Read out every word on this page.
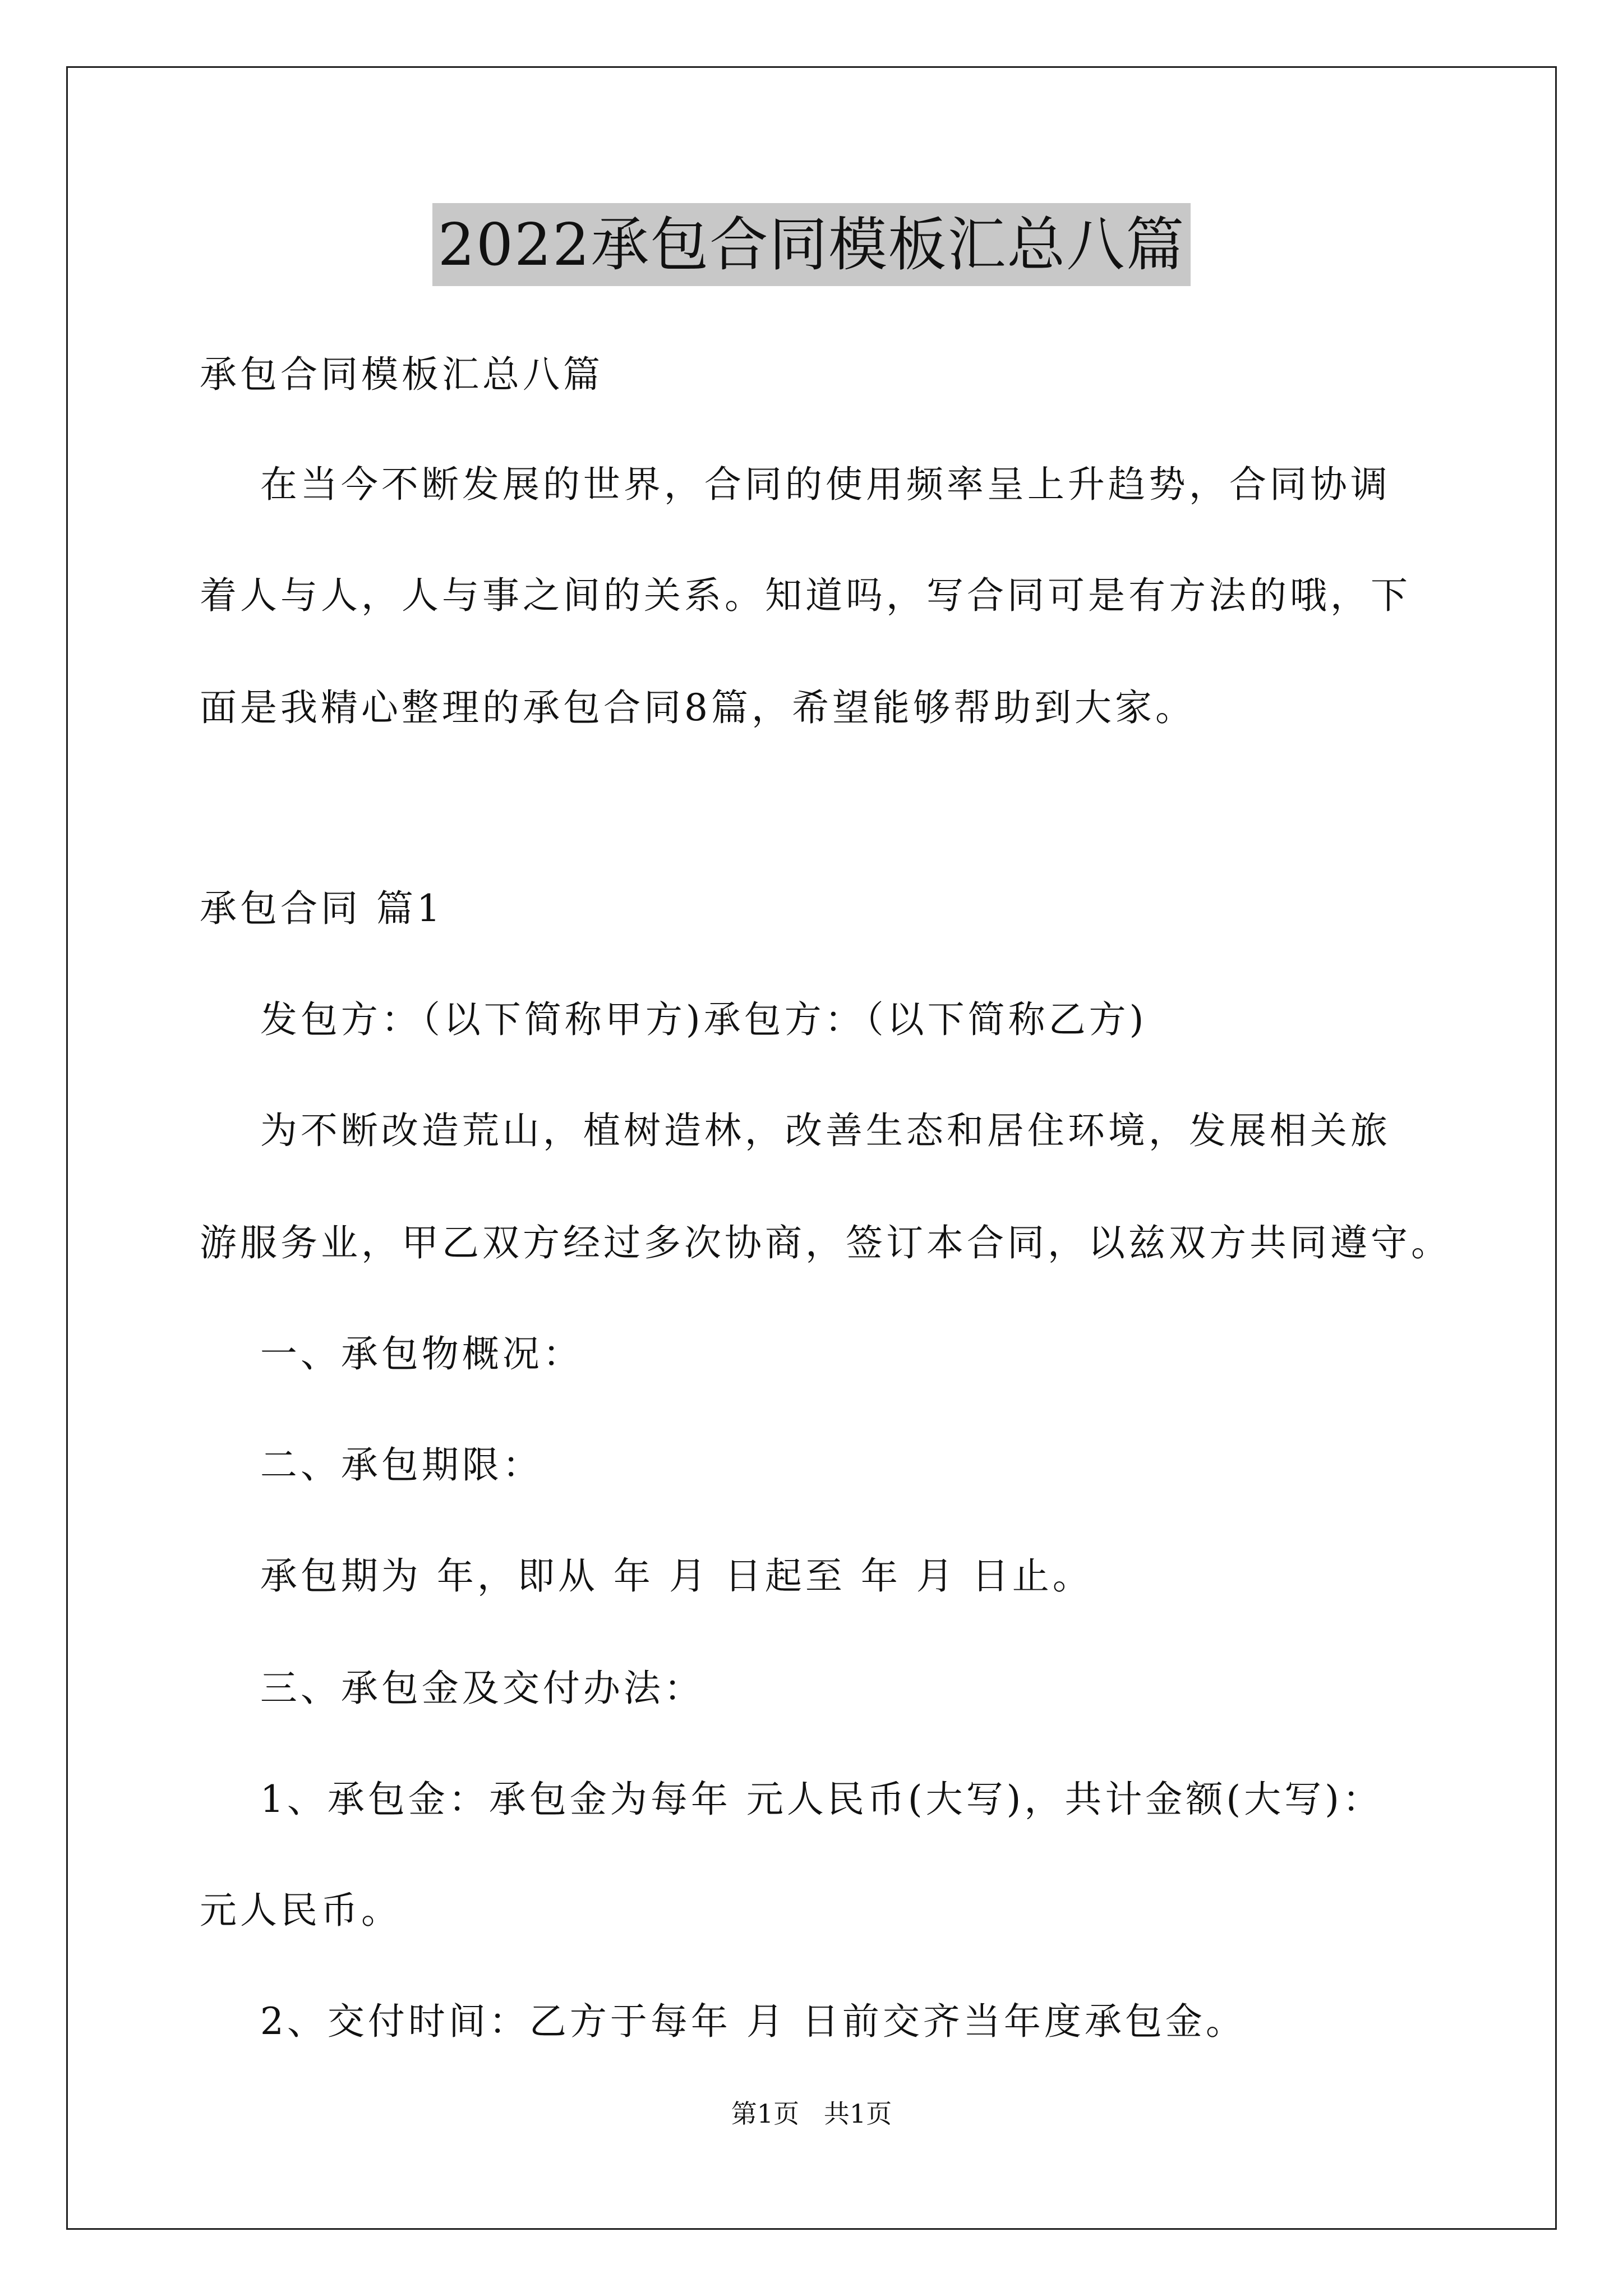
2022承包合同模板汇总八篇
承包合同模板汇总八篇
在当今不断发展的世界，合同的使用频率呈上升趋势，合同协调
着人与人，人与事之间的关系。知道吗，写合同可是有方法的哦，下
面是我精心整理的承包合同8篇，希望能够帮助到大家。
承包合同 篇1
发包方：（以下简称甲方)承包方：（以下简称乙方)
为不断改造荒山，植树造林，改善生态和居住环境，发展相关旅
游服务业，甲乙双方经过多次协商，签订本合同，以兹双方共同遵守。
一、承包物概况：
二、承包期限：
承包期为 年，即从 年 月 日起至 年 月 日止。
三、承包金及交付办法：
1、承包金：承包金为每年 元人民币(大写)，共计金额(大写)：
元人民币。
2、交付时间：乙方于每年 月 日前交齐当年度承包金。
第1页   共1页
